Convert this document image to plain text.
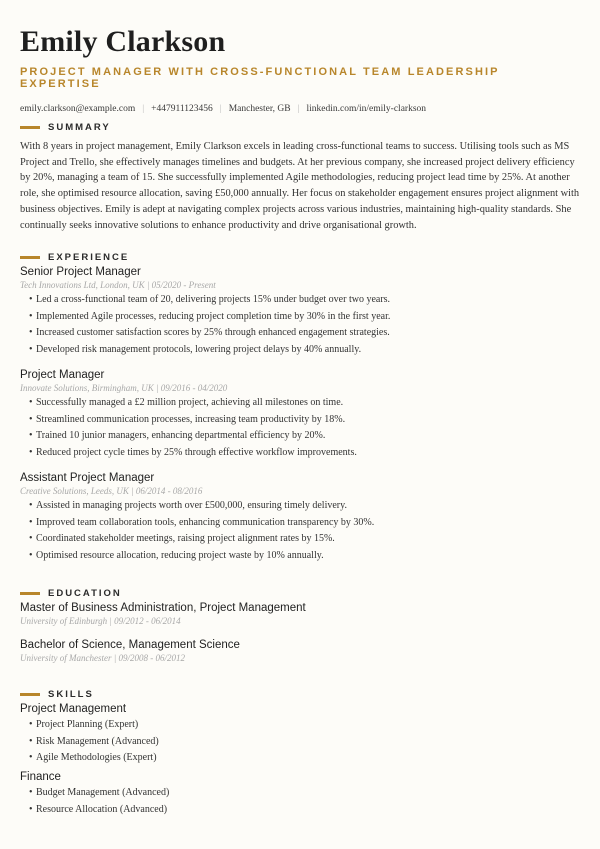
Emily Clarkson
PROJECT MANAGER WITH CROSS-FUNCTIONAL TEAM LEADERSHIP EXPERTISE
emily.clarkson@example.com | +447911123456 | Manchester, GB | linkedin.com/in/emily-clarkson
SUMMARY
With 8 years in project management, Emily Clarkson excels in leading cross-functional teams to success. Utilising tools such as MS Project and Trello, she effectively manages timelines and budgets. At her previous company, she increased project delivery efficiency by 20%, managing a team of 15. She successfully implemented Agile methodologies, reducing project lead time by 25%. At another role, she optimised resource allocation, saving £50,000 annually. Her focus on stakeholder engagement ensures project alignment with business objectives. Emily is adept at navigating complex projects across various industries, maintaining high-quality standards. She continually seeks innovative solutions to enhance productivity and drive organisational growth.
EXPERIENCE
Senior Project Manager
Tech Innovations Ltd, London, UK | 05/2020 - Present
• Led a cross-functional team of 20, delivering projects 15% under budget over two years.
• Implemented Agile processes, reducing project completion time by 30% in the first year.
• Increased customer satisfaction scores by 25% through enhanced engagement strategies.
• Developed risk management protocols, lowering project delays by 40% annually.
Project Manager
Innovate Solutions, Birmingham, UK | 09/2016 - 04/2020
• Successfully managed a £2 million project, achieving all milestones on time.
• Streamlined communication processes, increasing team productivity by 18%.
• Trained 10 junior managers, enhancing departmental efficiency by 20%.
• Reduced project cycle times by 25% through effective workflow improvements.
Assistant Project Manager
Creative Solutions, Leeds, UK | 06/2014 - 08/2016
• Assisted in managing projects worth over £500,000, ensuring timely delivery.
• Improved team collaboration tools, enhancing communication transparency by 30%.
• Coordinated stakeholder meetings, raising project alignment rates by 15%.
• Optimised resource allocation, reducing project waste by 10% annually.
EDUCATION
Master of Business Administration, Project Management
University of Edinburgh | 09/2012 - 06/2014
Bachelor of Science, Management Science
University of Manchester | 09/2008 - 06/2012
SKILLS
Project Management
• Project Planning (Expert)
• Risk Management (Advanced)
• Agile Methodologies (Expert)
Finance
• Budget Management (Advanced)
• Resource Allocation (Advanced)
